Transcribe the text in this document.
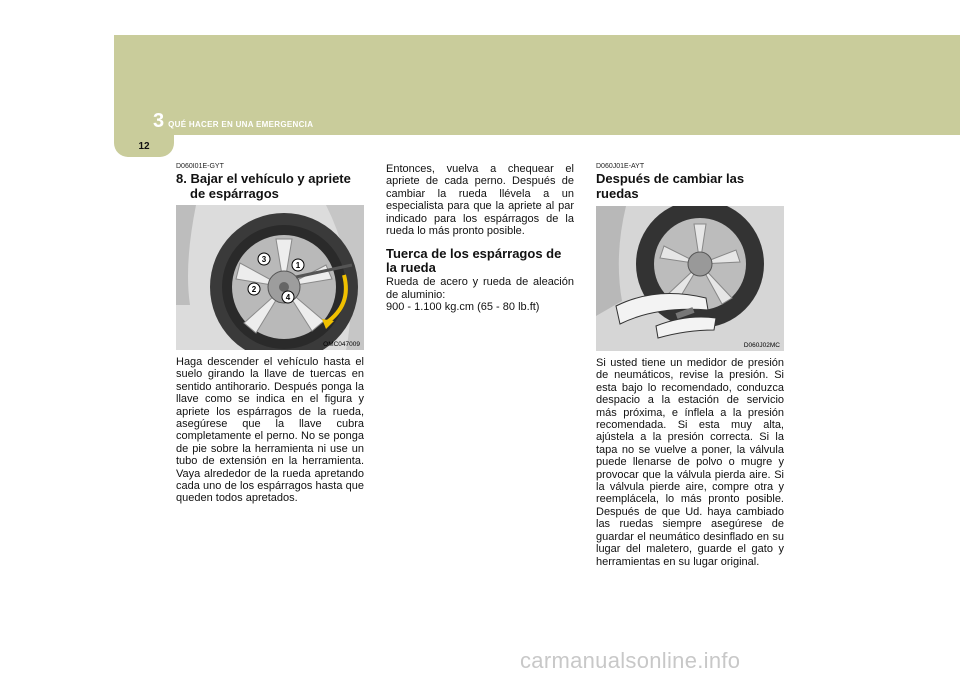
3 QUÉ HACER EN UNA EMERGENCIA
12

D060I01E-GYT

8. Bajar el vehículo y apriete de espárragos

1
2
3
4
OMC047009

Haga descender el vehículo hasta el suelo girando la llave de tuercas en sentido antihorario. Después ponga la llave como se indica en el figura y apriete los espárragos de la rueda, asegúrese que la llave cubra completamente el perno. No se ponga de pie sobre la herramienta ni use un tubo de extensión en la herramienta. Vaya alrededor de la rueda apretando cada uno de los espárragos hasta que queden todos apretados.

Entonces, vuelva a chequear el apriete de cada perno. Después de cambiar la rueda llévela a un especialista para que la apriete al par indicado para los espárragos de la rueda lo más pronto posible.

Tuerca de los espárragos de la rueda

Rueda de acero y rueda de aleación de aluminio:

900 - 1.100 kg.cm (65 - 80 lb.ft)

D060J01E-AYT

Después de cambiar las ruedas

D060J02MC

Si usted tiene un medidor de presión de neumáticos, revise la presión. Si esta bajo lo recomendado, conduzca despacio a la estación de servicio más próxima, e ínflela a la presión recomendada. Si esta muy alta, ajústela a la presión correcta. Si la tapa no se vuelve a poner, la válvula puede llenarse de polvo o mugre y provocar que la válvula pierda aire. Si la válvula pierde aire, compre otra y reemplácela, lo más pronto posible. Después de que Ud. haya cambiado las ruedas siempre asegúrese de guardar el neumático desinflado en su lugar del maletero, guarde el gato y herramientas en su lugar original.

carmanualsonline.info
